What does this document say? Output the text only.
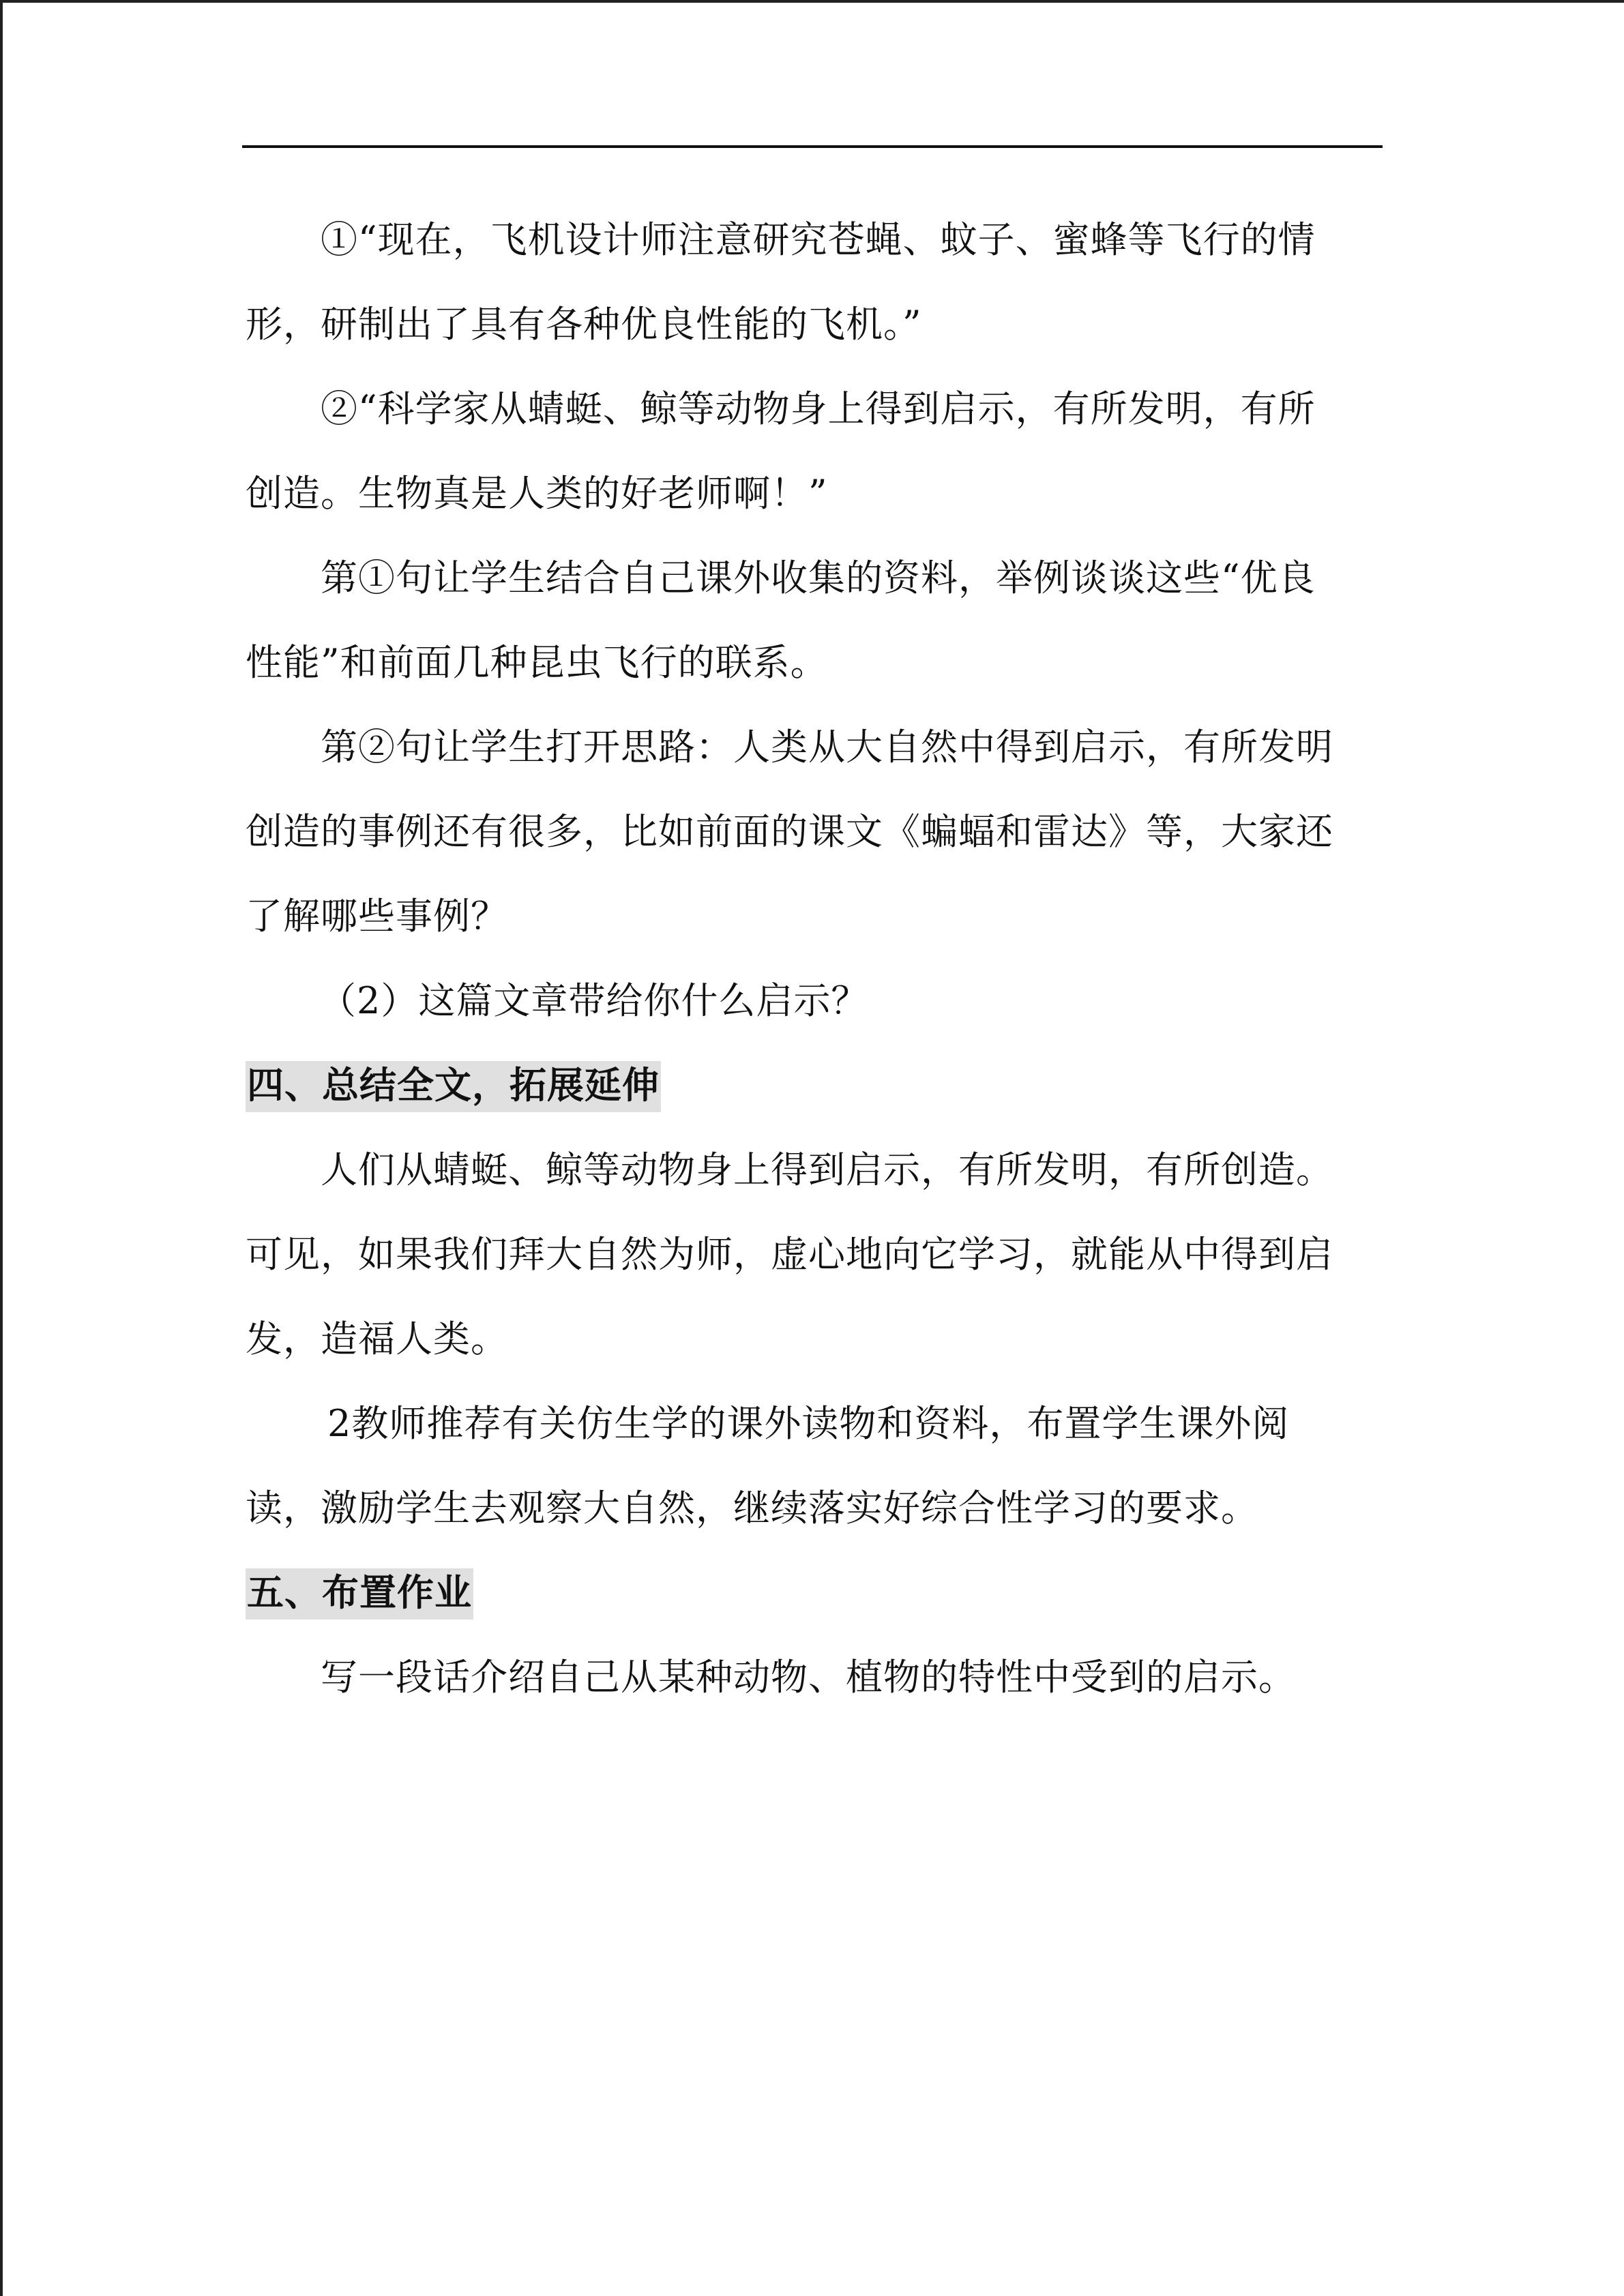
①“现在，飞机设计师注意研究苍蝇、蚊子、蜜蜂等飞行的情
形，研制出了具有各种优良性能的飞机。”
②“科学家从蜻蜓、鲸等动物身上得到启示，有所发明，有所
创造。生物真是人类的好老师啊！”
第①句让学生结合自己课外收集的资料，举例谈谈这些“优良
性能”和前面几种昆虫飞行的联系。
第②句让学生打开思路：人类从大自然中得到启示，有所发明
创造的事例还有很多，比如前面的课文《蝙蝠和雷达》等，大家还
了解哪些事例？
（2）这篇文章带给你什么启示？
四、总结全文，拓展延伸
人们从蜻蜓、鲸等动物身上得到启示，有所发明，有所创造。
可见，如果我们拜大自然为师，虚心地向它学习，就能从中得到启
发，造福人类。
2教师推荐有关仿生学的课外读物和资料，布置学生课外阅
读，激励学生去观察大自然，继续落实好综合性学习的要求。
五、布置作业
写一段话介绍自己从某种动物、植物的特性中受到的启示。
